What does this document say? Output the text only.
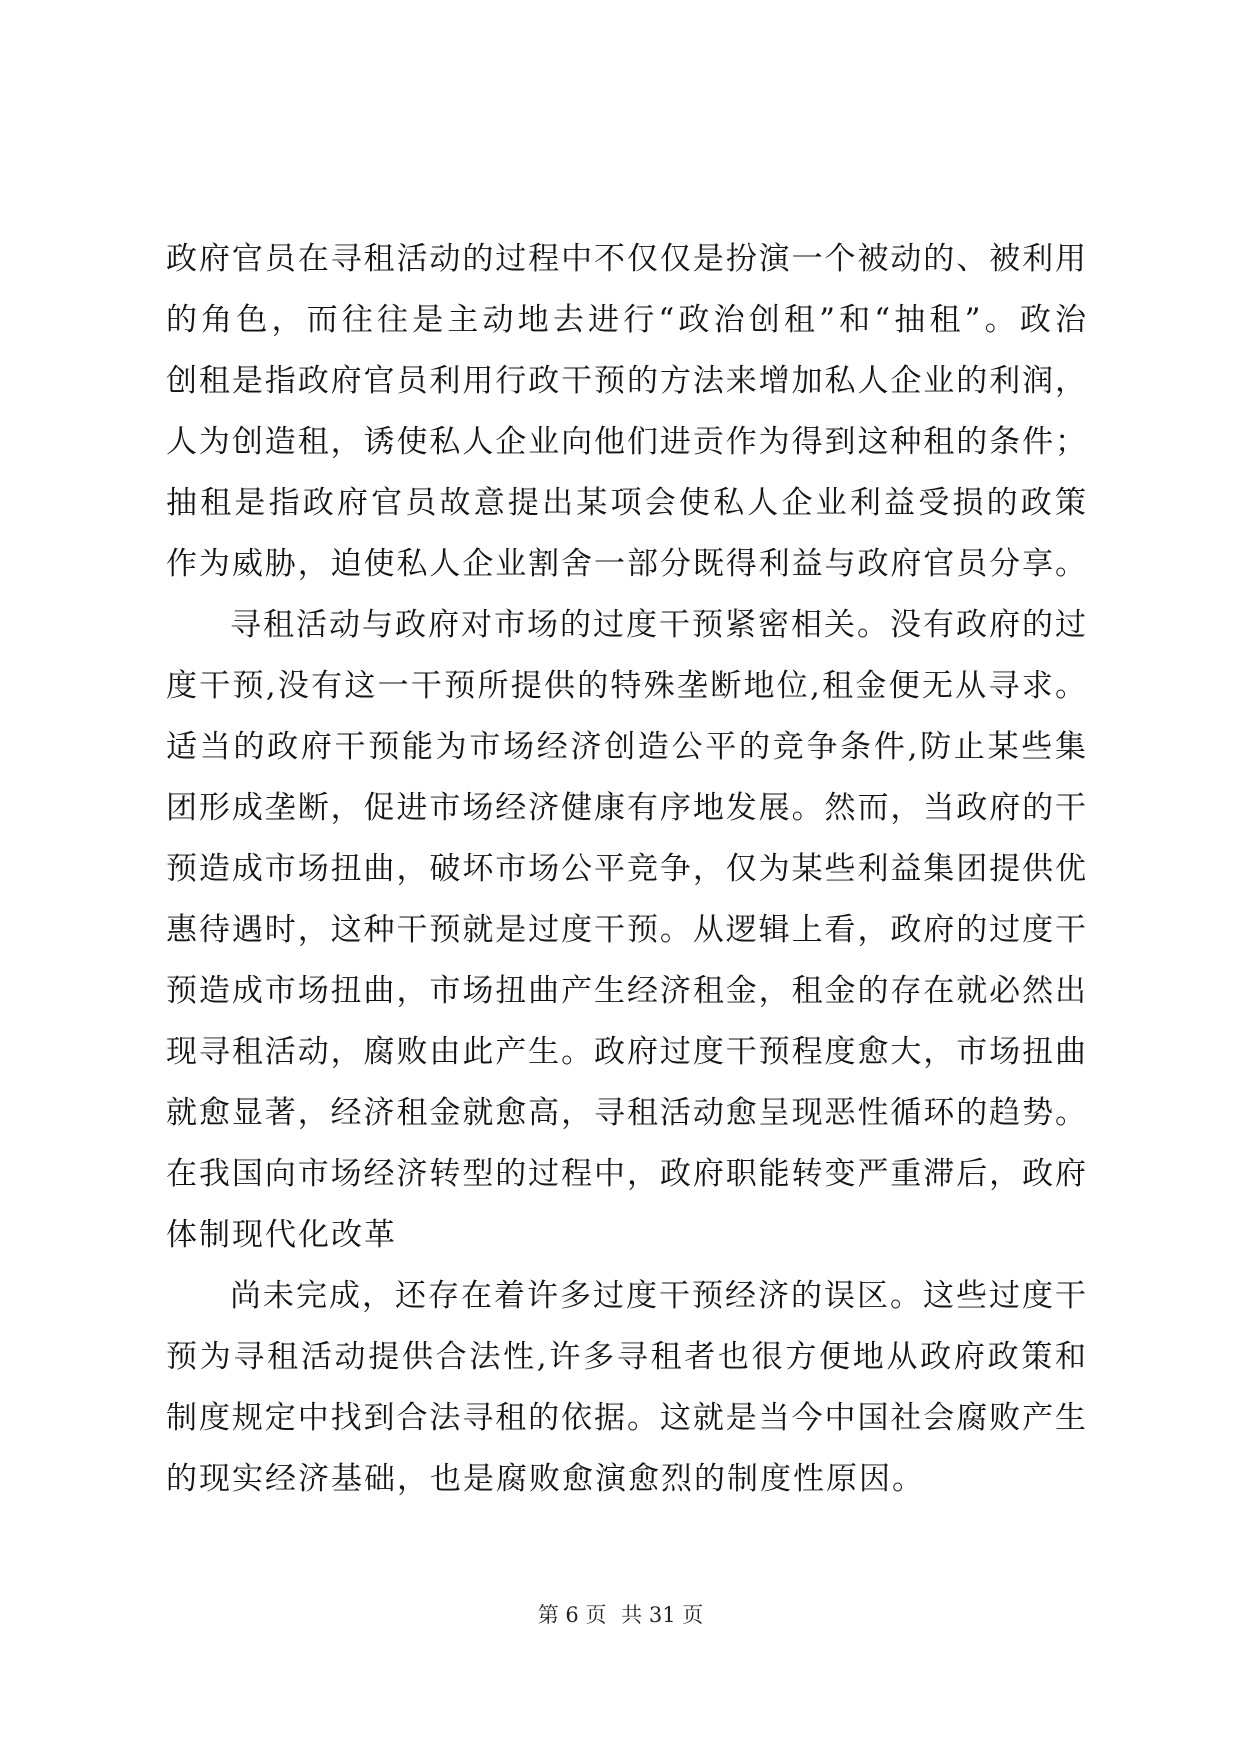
政府官员在寻租活动的过程中不仅仅是扮演一个被动的、被利用
的角色，而往往是主动地去进行“政治创租”和“抽租”。政治
创租是指政府官员利用行政干预的方法来增加私人企业的利润，
人为创造租，诱使私人企业向他们进贡作为得到这种租的条件；
抽租是指政府官员故意提出某项会使私人企业利益受损的政策
作为威胁，迫使私人企业割舍一部分既得利益与政府官员分享。
寻租活动与政府对市场的过度干预紧密相关。没有政府的过
度干预,没有这一干预所提供的特殊垄断地位,租金便无从寻求。
适当的政府干预能为市场经济创造公平的竞争条件,防止某些集
团形成垄断，促进市场经济健康有序地发展。然而，当政府的干
预造成市场扭曲，破坏市场公平竞争，仅为某些利益集团提供优
惠待遇时，这种干预就是过度干预。从逻辑上看，政府的过度干
预造成市场扭曲，市场扭曲产生经济租金，租金的存在就必然出
现寻租活动，腐败由此产生。政府过度干预程度愈大，市场扭曲
就愈显著，经济租金就愈高，寻租活动愈呈现恶性循环的趋势。
在我国向市场经济转型的过程中，政府职能转变严重滞后，政府
体制现代化改革
尚未完成，还存在着许多过度干预经济的误区。这些过度干
预为寻租活动提供合法性,许多寻租者也很方便地从政府政策和
制度规定中找到合法寻租的依据。这就是当今中国社会腐败产生
的现实经济基础，也是腐败愈演愈烈的制度性原因。
第 6 页 共 31 页
